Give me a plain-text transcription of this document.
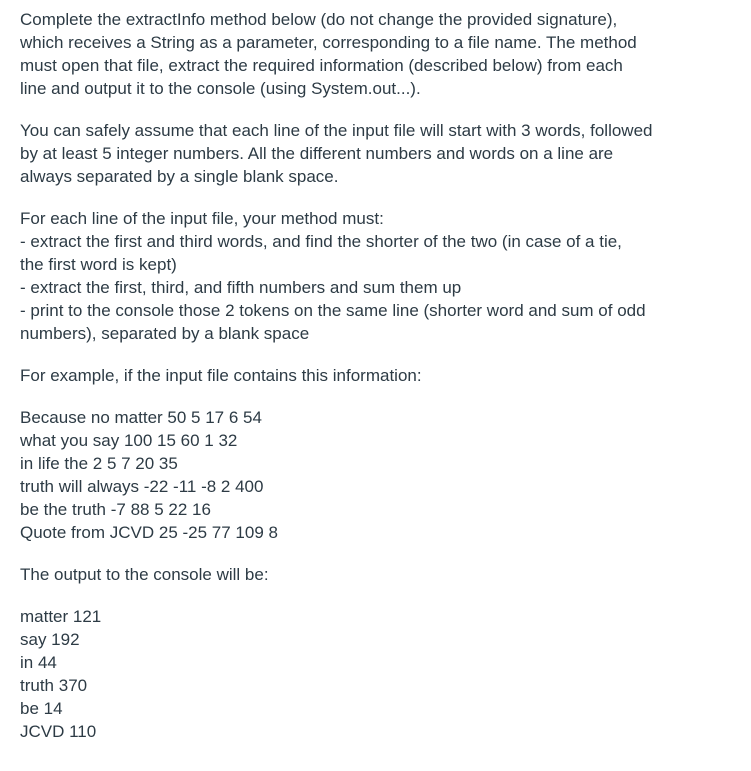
Complete the extractInfo method below (do not change the provided signature),
which receives a String as a parameter, corresponding to a file name. The method
must open that file, extract the required information (described below) from each
line and output it to the console (using System.out...).
You can safely assume that each line of the input file will start with 3 words, followed
by at least 5 integer numbers. All the different numbers and words on a line are
always separated by a single blank space.
For each line of the input file, your method must:
- extract the first and third words, and find the shorter of the two (in case of a tie,
the first word is kept)
- extract the first, third, and fifth numbers and sum them up
- print to the console those 2 tokens on the same line (shorter word and sum of odd
numbers), separated by a blank space
For example, if the input file contains this information:
Because no matter 50 5 17 6 54
what you say 100 15 60 1 32
in life the 2 5 7 20 35
truth will always -22 -11 -8 2 400
be the truth -7 88 5 22 16
Quote from JCVD 25 -25 77 109 8
The output to the console will be:
matter 121
say 192
in 44
truth 370
be 14
JCVD 110
